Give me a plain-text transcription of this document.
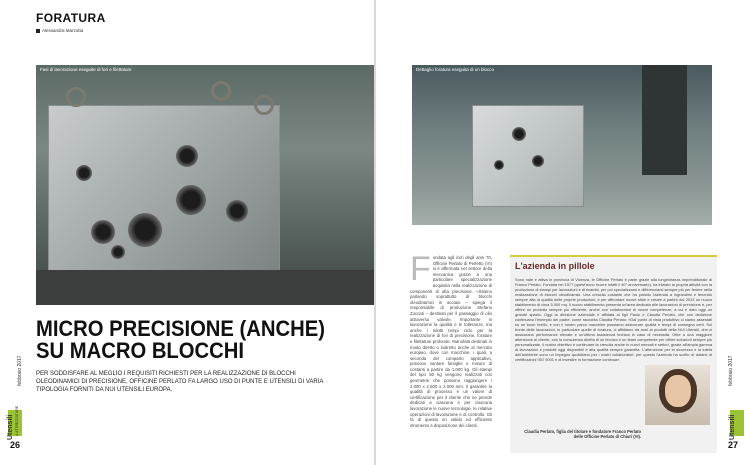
FORATURA
Alessandra Marzotta
Fasi di lavorazione eseguite di fori e filettature
MICRO PRECISIONE (ANCHE)
SU MACRO BLOCCHI
PER SODDISFARE AL MEGLIO I REQUISITI RICHIESTI PER LA REALIZZAZIONE DI BLOCCHI OLEODINAMICI DI PRECISIONE, OFFICINE PERLATO FA LARGO USO DI PUNTE E UTENSILI DI VARIA TIPOLOGIA FORNITI DA NUI UTENSILI EUROPA.
Utensili & ATTREZZATURE
febbraio 2017
26
Dettaglio foratura eseguita di un blocco
F ondata agli inizi degli anni 70, Officine Perlato di Perletto (VI) si è affermata nel settore della meccanica grazie a una particolare specializzazione acquisita nella realizzazione di componenti di alta precisione. «Stiamo parlando soprattutto di blocchi oleodinamici in acciaio – spiega il responsabile di produzione Stefano Zuccati – destinati per il passaggio di olio attraverso valvole. Importante in lavorazione la qualità e le tolleranze, ma anche i ridotti tempi ciclo per la realizzazione di fori di precisione, forature e filettature profonde. Manufatti destinati in modo diretto o indiretto anche al mercato europeo, dove con macchine, i quali, a seconda del comparto applicativo, possono vantare famiglie e misure di costanti a partire da 1.000 kg. Gli stampi del tipo 50 kg vengono realizzati con geometrie che possono raggiungere i 2.000 x 2.500 x 2.000 mm. Il garantire la qualità di processo è un valore di certificazione per il cliente che ne prende dedicati a ciascuna e per ciascuna lavorazione le nuove tecnologie, le relative operazioni di lavorazione e di controllo. Gli fa di questa un valido ed efficiente strumento a disposizione dei clienti.
L'azienda in pillole
Sono nate e attiva in provincia di Vicenza, le Officine Perlato è parte grazie alla lungimiranza imprenditoriale di Franco Perlato. Fondata nel 1977 (quest'anno ricorre infatti il 40° anniversario), ha iniziato la propria attività con la produzione di stampi per lavorazioni e di ricambi, per poi specializzarsi e differenziarsi sempre più per tenere nella realizzazione di blocchi oleodinamici. Una crescita costante che ha portato l'azienda a ingrandirsi e tenendo sempre alta la qualità delle proprie produzioni, e per affrontare nuove sfide e creare a partire dal 2013 un nuovo stabilimento di circa 5.000 mq. Il nuovo stabilimento presenta un'area dedicata alle lavorazioni di precisione e, per offrire un prodotto sempre più efficiente, anche con collaboratori di nuove competenze, a cui è dato oggi un grande spazio. Oggi la direzione aziendale è affidata ai figli Paolo e Claudia Perlato, che con dedizione continuano l'esempio del padre, come racconta Claudia Perlato: «Dal punto di vista produttivo ci siamo assestati su un buon livello, e con il nostro parco macchine possiamo assicurare qualità e tempi di consegna certi. Sul fronte delle lavorazioni, in particolare quelle di foratura, ci affidiamo da anni ai prodotti della NUI Utensili, che ci assicurano performance elevate e un'ottima assistenza tecnica in caso di necessità. Oltre a una maggiore attenzione al cliente, con la consulenza diretta di un tecnico e un team competente per offrire soluzioni sempre più personalizzate, il nostro obiettivo è continuare la crescita anche in nuovi mercati e settori, grazie all'ampia gamma di lavorazioni e prodotti oggi disponibili e alla qualità sempre garantita. L'attenzione per la sicurezza e la tutela dell'ambiente sono un impegno quotidiano per i nostri collaboratori: per questo l'azienda ha scelto di dotarsi di certificazioni ISO 9001 e di investire in formazione continua».
Claudia Perlato, figlia del titolare e fondatore Franco Perlato delle Officine Perlato di Chiuri (VI).
febbraio 2017
Utensili
27
